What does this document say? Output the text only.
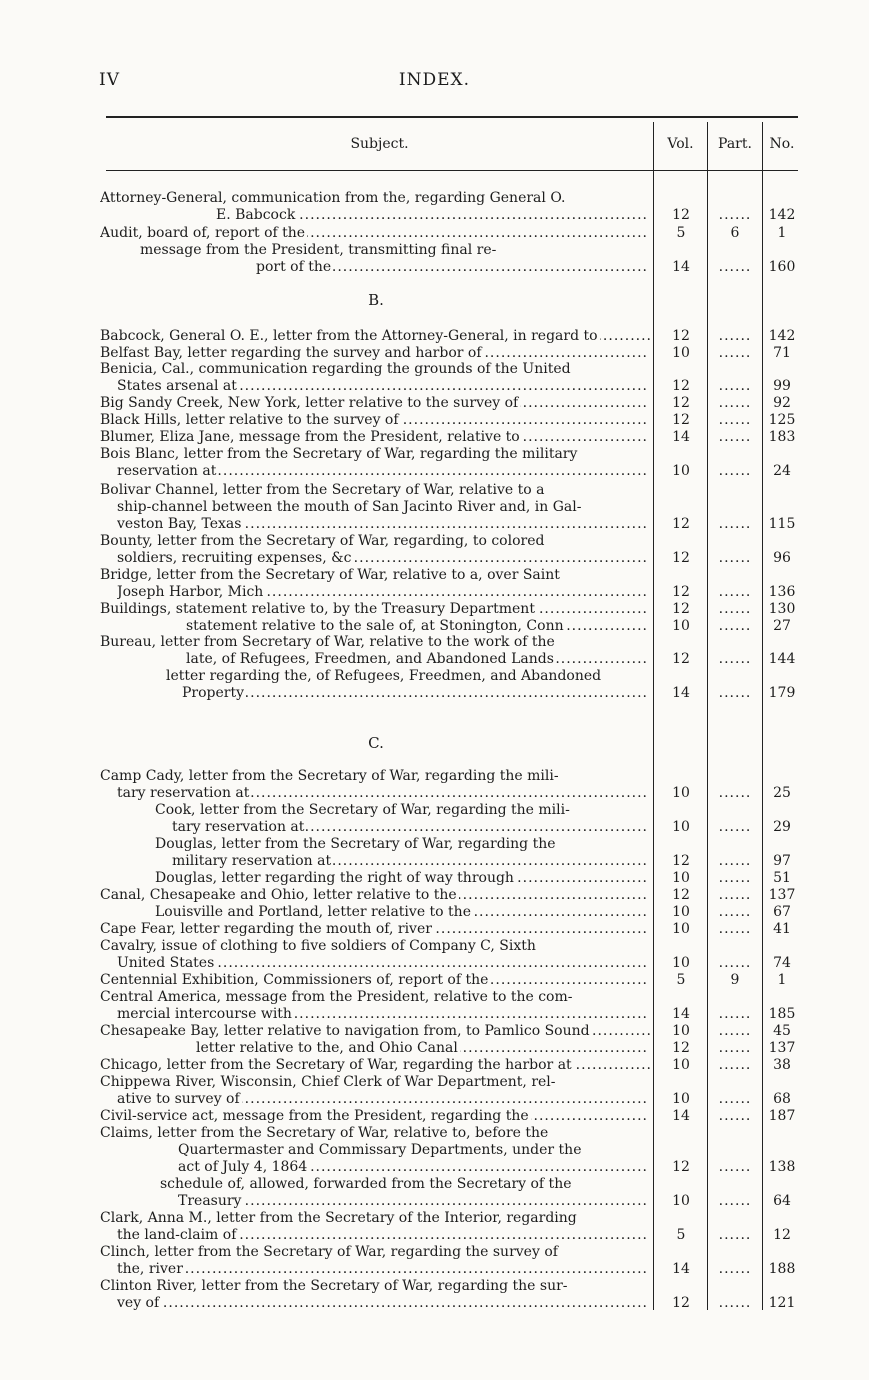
IV	INDEX.
Subject.	Vol.	Part.	No.
Attorney-General, communication from the, regarding General O.
E. Babcock .....	12	......	142
Audit, board of, report of the .....	5	6	1
message from the President, transmitting final re-
port of the .....	14	......	160
B.
Babcock, General O. E., letter from the Attorney-General, in regard to .....	12	......	142
Belfast Bay, letter regarding the survey and harbor of .....	10	......	71
Benicia, Cal., communication regarding the grounds of the United
States arsenal at .....	12	......	99
Big Sandy Creek, New York, letter relative to the survey of .....	12	......	92
Black Hills, letter relative to the survey of .....	12	......	125
Blumer, Eliza Jane, message from the President, relative to .....	14	......	183
Bois Blanc, letter from the Secretary of War, regarding the military
reservation at .....	10	......	24
Bolivar Channel, letter from the Secretary of War, relative to a
ship-channel between the mouth of San Jacinto River and, in Gal-
veston Bay, Texas .....	12	......	115
Bounty, letter from the Secretary of War, regarding, to colored
soldiers, recruiting expenses, &c .....	12	......	96
Bridge, letter from the Secretary of War, relative to a, over Saint
Joseph Harbor, Mich .....	12	......	136
Buildings, statement relative to, by the Treasury Department .....	12	......	130
statement relative to the sale of, at Stonington, Conn .....	10	......	27
Bureau, letter from Secretary of War, relative to the work of the
late, of Refugees, Freedmen, and Abandoned Lands .....	12	......	144
letter regarding the, of Refugees, Freedmen, and Abandoned
Property .....	14	......	179
C.
Camp Cady, letter from the Secretary of War, regarding the mili-
tary reservation at .....	10	......	25
Cook, letter from the Secretary of War, regarding the mili-
tary reservation at .....	10	......	29
Douglas, letter from the Secretary of War, regarding the
military reservation at .....	12	......	97
Douglas, letter regarding the right of way through .....	10	......	51
Canal, Chesapeake and Ohio, letter relative to the .....	12	......	137
Louisville and Portland, letter relative to the .....	10	......	67
Cape Fear, letter regarding the mouth of, river .....	10	......	41
Cavalry, issue of clothing to five soldiers of Company C, Sixth
United States .....	10	......	74
Centennial Exhibition, Commissioners of, report of the .....	5	9	1
Central America, message from the President, relative to the com-
mercial intercourse with .....	14	......	185
Chesapeake Bay, letter relative to navigation from, to Pamlico Sound .....	10	......	45
letter relative to the, and Ohio Canal .....	12	......	137
Chicago, letter from the Secretary of War, regarding the harbor at .....	10	......	38
Chippewa River, Wisconsin, Chief Clerk of War Department, rel-
ative to survey of .....	10	......	68
Civil-service act, message from the President, regarding the .....	14	......	187
Claims, letter from the Secretary of War, relative to, before the
Quartermaster and Commissary Departments, under the
act of July 4, 1864 .....	12	......	138
schedule of, allowed, forwarded from the Secretary of the
Treasury .....	10	......	64
Clark, Anna M., letter from the Secretary of the Interior, regarding
the land-claim of .....	5	......	12
Clinch, letter from the Secretary of War, regarding the survey of
the, river .....	14	......	188
Clinton River, letter from the Secretary of War, regarding the sur-
vey of .....	12	......	121
